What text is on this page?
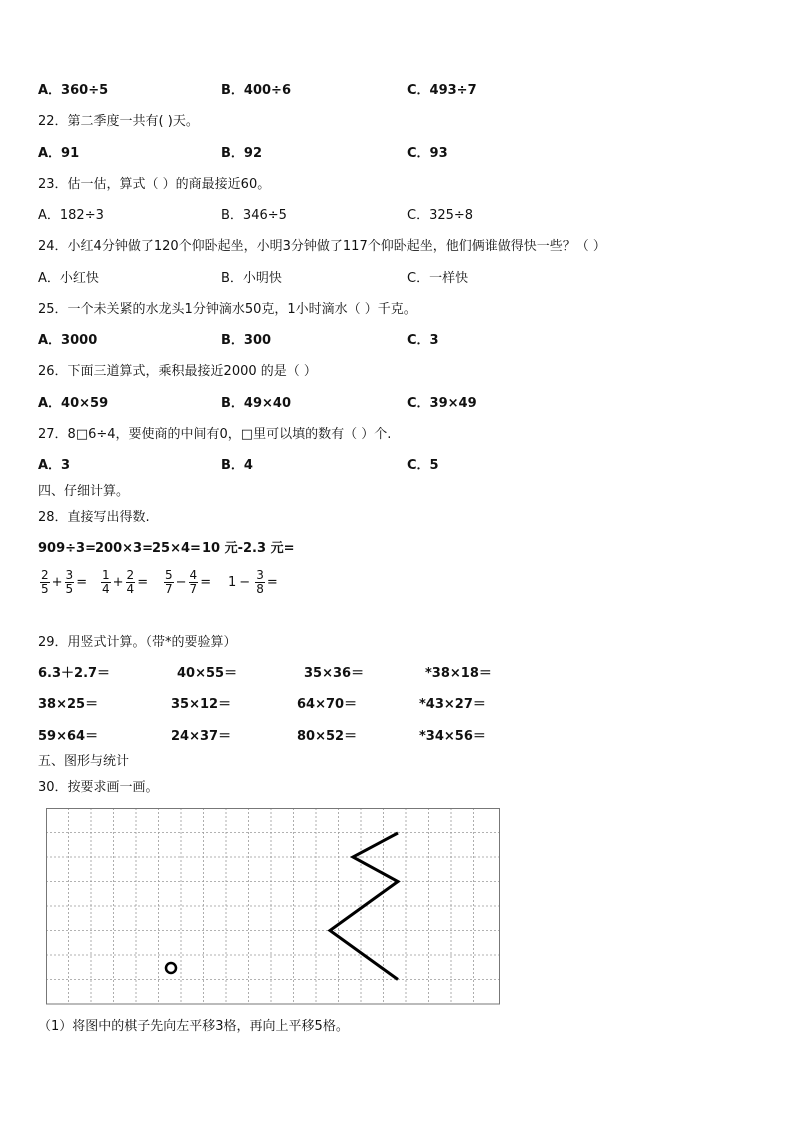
A．360÷5	B．400÷6	C．493÷7
22．第二季度一共有( )天。
A．91	B．92	C．93
23．估一估，算式（ ）的商最接近60。
A．182÷3	B．346÷5	C．325÷8
24．小红4分钟做了120个仰卧起坐，小明3分钟做了117个仰卧起坐，他们俩谁做得快一些？（ ）
A．小红快	B．小明快	C．一样快
25．一个未关紧的水龙头1分钟滴水50克，1小时滴水（ ）千克。
A．3000	B．300	C．3
26．下面三道算式，乘积最接近2000 的是（ ）
A．40×59	B．49×40	C．39×49
27．8□6÷4，要使商的中间有0，□里可以填的数有（ ）个.
A．3	B．4	C．5
四、仔细计算。
28．直接写出得数.
909÷3= 200×3= 25×4= 10 元-2.3 元=
$\frac{2}{5} + \frac{3}{5} = \frac{1}{4} + \frac{2}{4} = \frac{5}{7} - \frac{4}{7} = 1 - \frac{3}{8}$ =
29．用竖式计算。（带*的要验算）
6.3＋2.7＝	40×55＝	35×36＝	*38×18＝
38×25＝	35×12＝	64×70＝	*43×27＝
59×64＝	24×37＝	80×52＝	*34×56＝
五、图形与统计
30．按要求画一画。
（1）将图中的棋子先向左平移3格，再向上平移5格。
